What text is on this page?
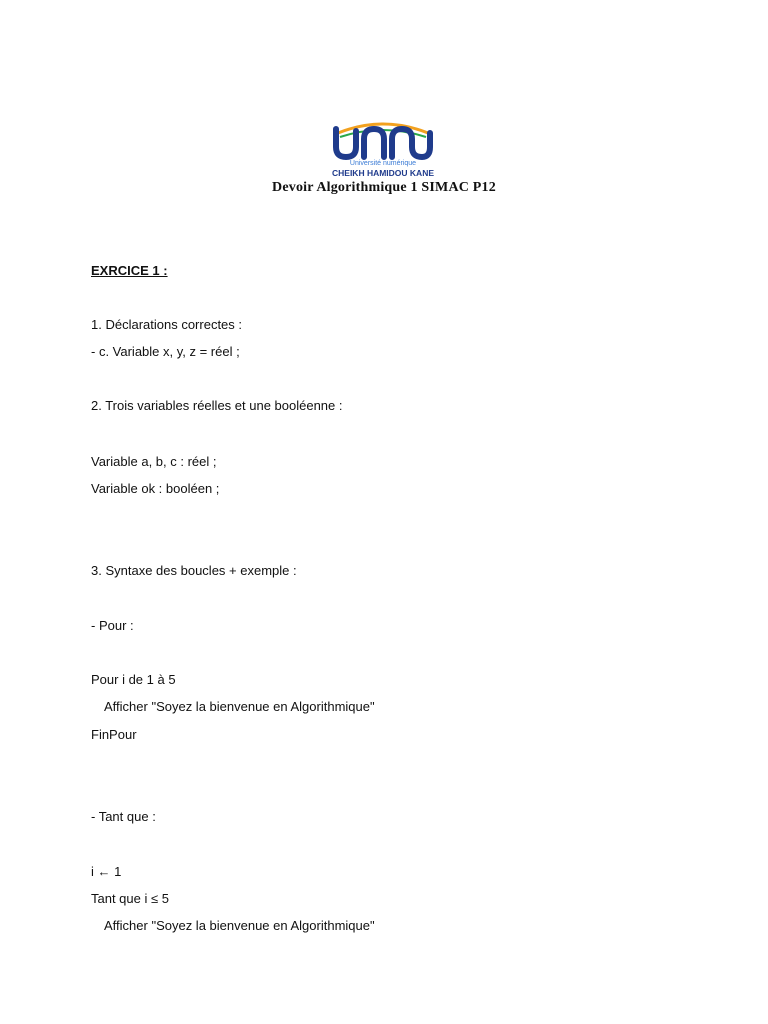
Université numérique
CHEIKH HAMIDOU KANE
Devoir Algorithmique 1 SIMAC P12
EXRCICE 1 :
1. Déclarations correctes :
- c. Variable x, y, z = réel ;
2. Trois variables réelles et une booléenne :
Variable a, b, c : réel ;
Variable ok : booléen ;
3. Syntaxe des boucles + exemple :
- Pour :
Pour i de 1 à 5
Afficher "Soyez la bienvenue en Algorithmique"
FinPour
- Tant que :
i ← 1
Tant que i ≤ 5
Afficher "Soyez la bienvenue en Algorithmique"
